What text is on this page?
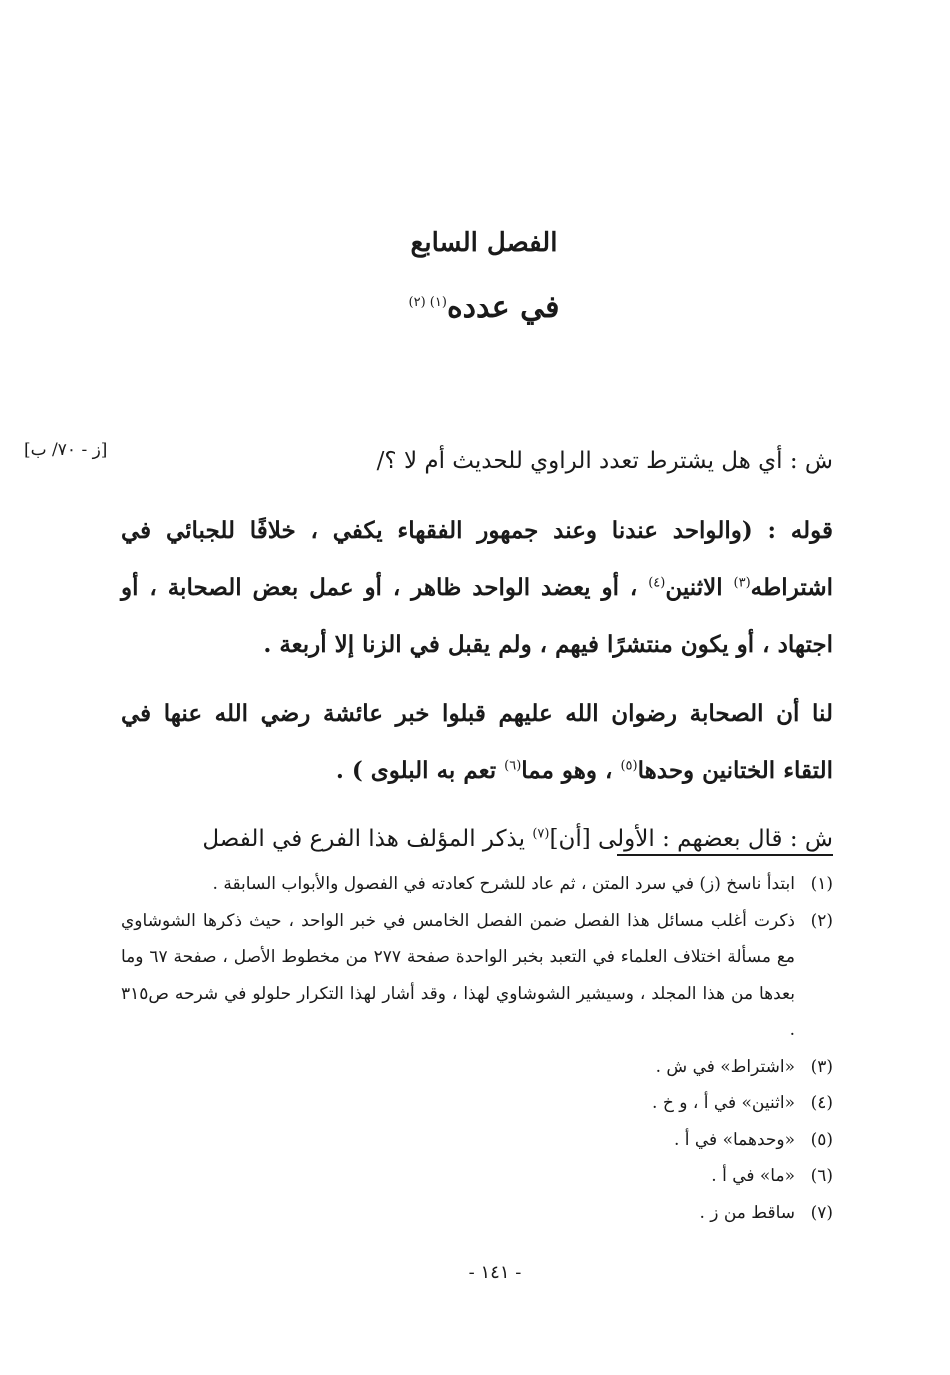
الفصل السابع
في عدده$^{(١) (٢)}$
[ز - ٧٠/ ب]	ش : أي هل يشترط تعدد الراوي للحديث أم لا ؟/

قوله : (والواحد عندنا وعند جمهور الفقهاء يكفي ، خلافًا للجبائي في اشتراطه$^{(٣)}$ الاثنين$^{(٤)}$ ، أو يعضد الواحد ظاهر ، أو عمل بعض الصحابة ، أو اجتهاد ، أو يكون منتشرًا فيهم ، ولم يقبل في الزنا إلا أربعة .

لنا أن الصحابة رضوان الله عليهم قبلوا خبر عائشة رضي الله عنها في التقاء الختانين وحدها$^{(٥)}$ ، وهو مما$^{(٦)}$ تعم به البلوى ) .

ش : قال بعضهم : الأولى [أن]$^{(٧)}$ يذكر المؤلف هذا الفرع في الفصل

(١)
ابتدأ ناسخ (ز) في سرد المتن ، ثم عاد للشرح كعادته في الفصول والأبواب السابقة .
(٢)
ذكرت أغلب مسائل هذا الفصل ضمن الفصل الخامس في خبر الواحد ، حيث ذكرها الشوشاوي مع مسألة اختلاف العلماء في التعبد بخبر الواحدة صفحة ٢٧٧ من مخطوط الأصل ، صفحة ٦٧ وما بعدها من هذا المجلد ، وسيشير الشوشاوي لهذا ، وقد أشار لهذا التكرار حلولو في شرحه ص٣١٥ .
(٣)
«اشتراط» في ش .
(٤)
«اثنين» في أ ، و خ .
(٥)
«وحدهما» في أ .
(٦)
«ما» في أ .
(٧)
ساقط من ز .
- ١٤١ -
